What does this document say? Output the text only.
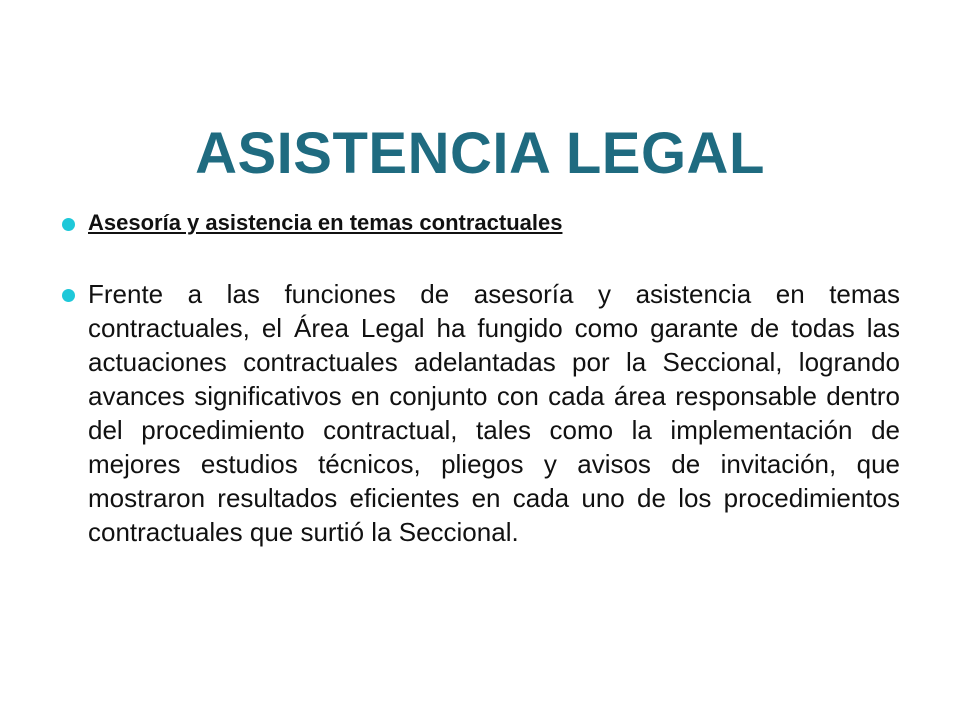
ASISTENCIA LEGAL
Asesoría y asistencia en temas contractuales
Frente a las funciones de asesoría y asistencia en temas contractuales, el Área Legal ha fungido como garante de todas las actuaciones contractuales adelantadas por la Seccional, logrando avances significativos en conjunto con cada área responsable dentro del procedimiento contractual, tales como la implementación de mejores estudios técnicos, pliegos y avisos de invitación, que mostraron resultados eficientes en cada uno de los procedimientos contractuales que surtió la Seccional.
